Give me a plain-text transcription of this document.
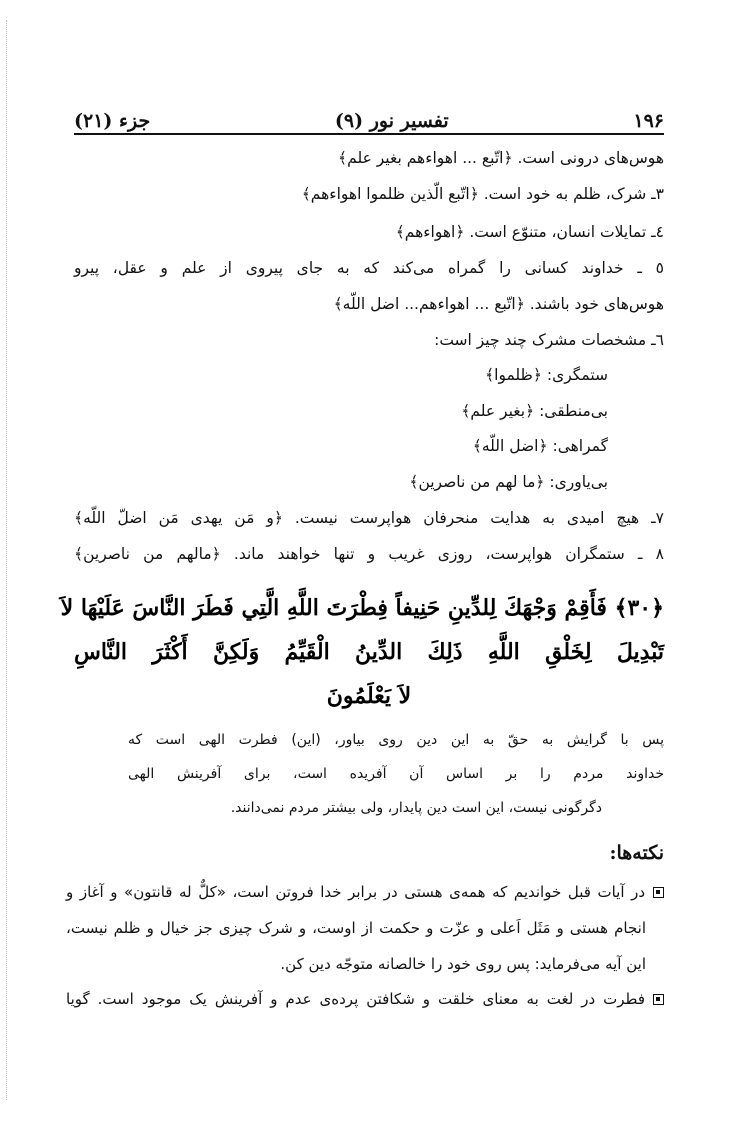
۱۹۶
تفسیر نور (۹)
جزء (۲۱)
هوس‌های درونی است. ﴿اتّبع ... اهواءهم بغیر علم﴾
۳ـ شرک، ظلم به خود است. ﴿اتّبع الّذین ظلموا اهواءهم﴾
٤ـ تمایلات انسان، متنوّع است. ﴿اهواءهم﴾
٥ ـ خداوند کسانی را گمراه می‌کند که به جای پیروی از علم و عقل، پیرو
هوس‌های خود باشند. ﴿اتّبع ... اهواءهم... اضل اللّه﴾
٦ـ مشخصات مشرک چند چیز است:
ستمگری: ﴿ظلموا﴾
بی‌منطقی: ﴿بغیر علم﴾
گمراهی: ﴿اضل اللّه﴾
بی‌یاوری: ﴿ما لهم من ناصرین﴾
۷ـ هیچ امیدی به هدایت منحرفان هواپرست نیست. ﴿و مَن یهدی مَن اضلّ اللّه﴾
۸ ـ ستمگران هواپرست، روزی غریب و تنها خواهند ماند. ﴿مالهم من ناصرین﴾
﴿۳۰﴾ فَأَقِمْ وَجْهَكَ لِلدِّينِ حَنِيفاً فِطْرَتَ اللَّهِ الَّتِي فَطَرَ النَّاسَ عَلَيْهَا لاَ
تَبْدِيلَ لِخَلْقِ اللَّهِ ذَلِكَ الدِّينُ الْقَيِّمُ وَلَكِنَّ أَكْثَرَ النَّاسِ
لاَ يَعْلَمُونَ
پس با گرایش به حقّ به این دین روی بیاور، (این) فطرت الهی است که
خداوند مردم را بر اساس آن آفریده است، برای آفرینش الهی
دگرگونی نیست، این است دین پایدار، ولی بیشتر مردم نمی‌دانند.
نکته‌ها:
در آیات قبل خواندیم که همه‌ی هستی در برابر خدا فروتن است، «کلٌّ له قانتون» و آغاز و
انجام هستی و مَثَل اَعلی و عزّت و حکمت از اوست، و شرک چیزی جز خیال و ظلم نیست،
این آیه می‌فرماید: پس روی خود را خالصانه متوجّه دین کن.
فطرت در لغت به معنای خلقت و شکافتن پرده‌ی عدم و آفرینش یک موجود است. گویا
